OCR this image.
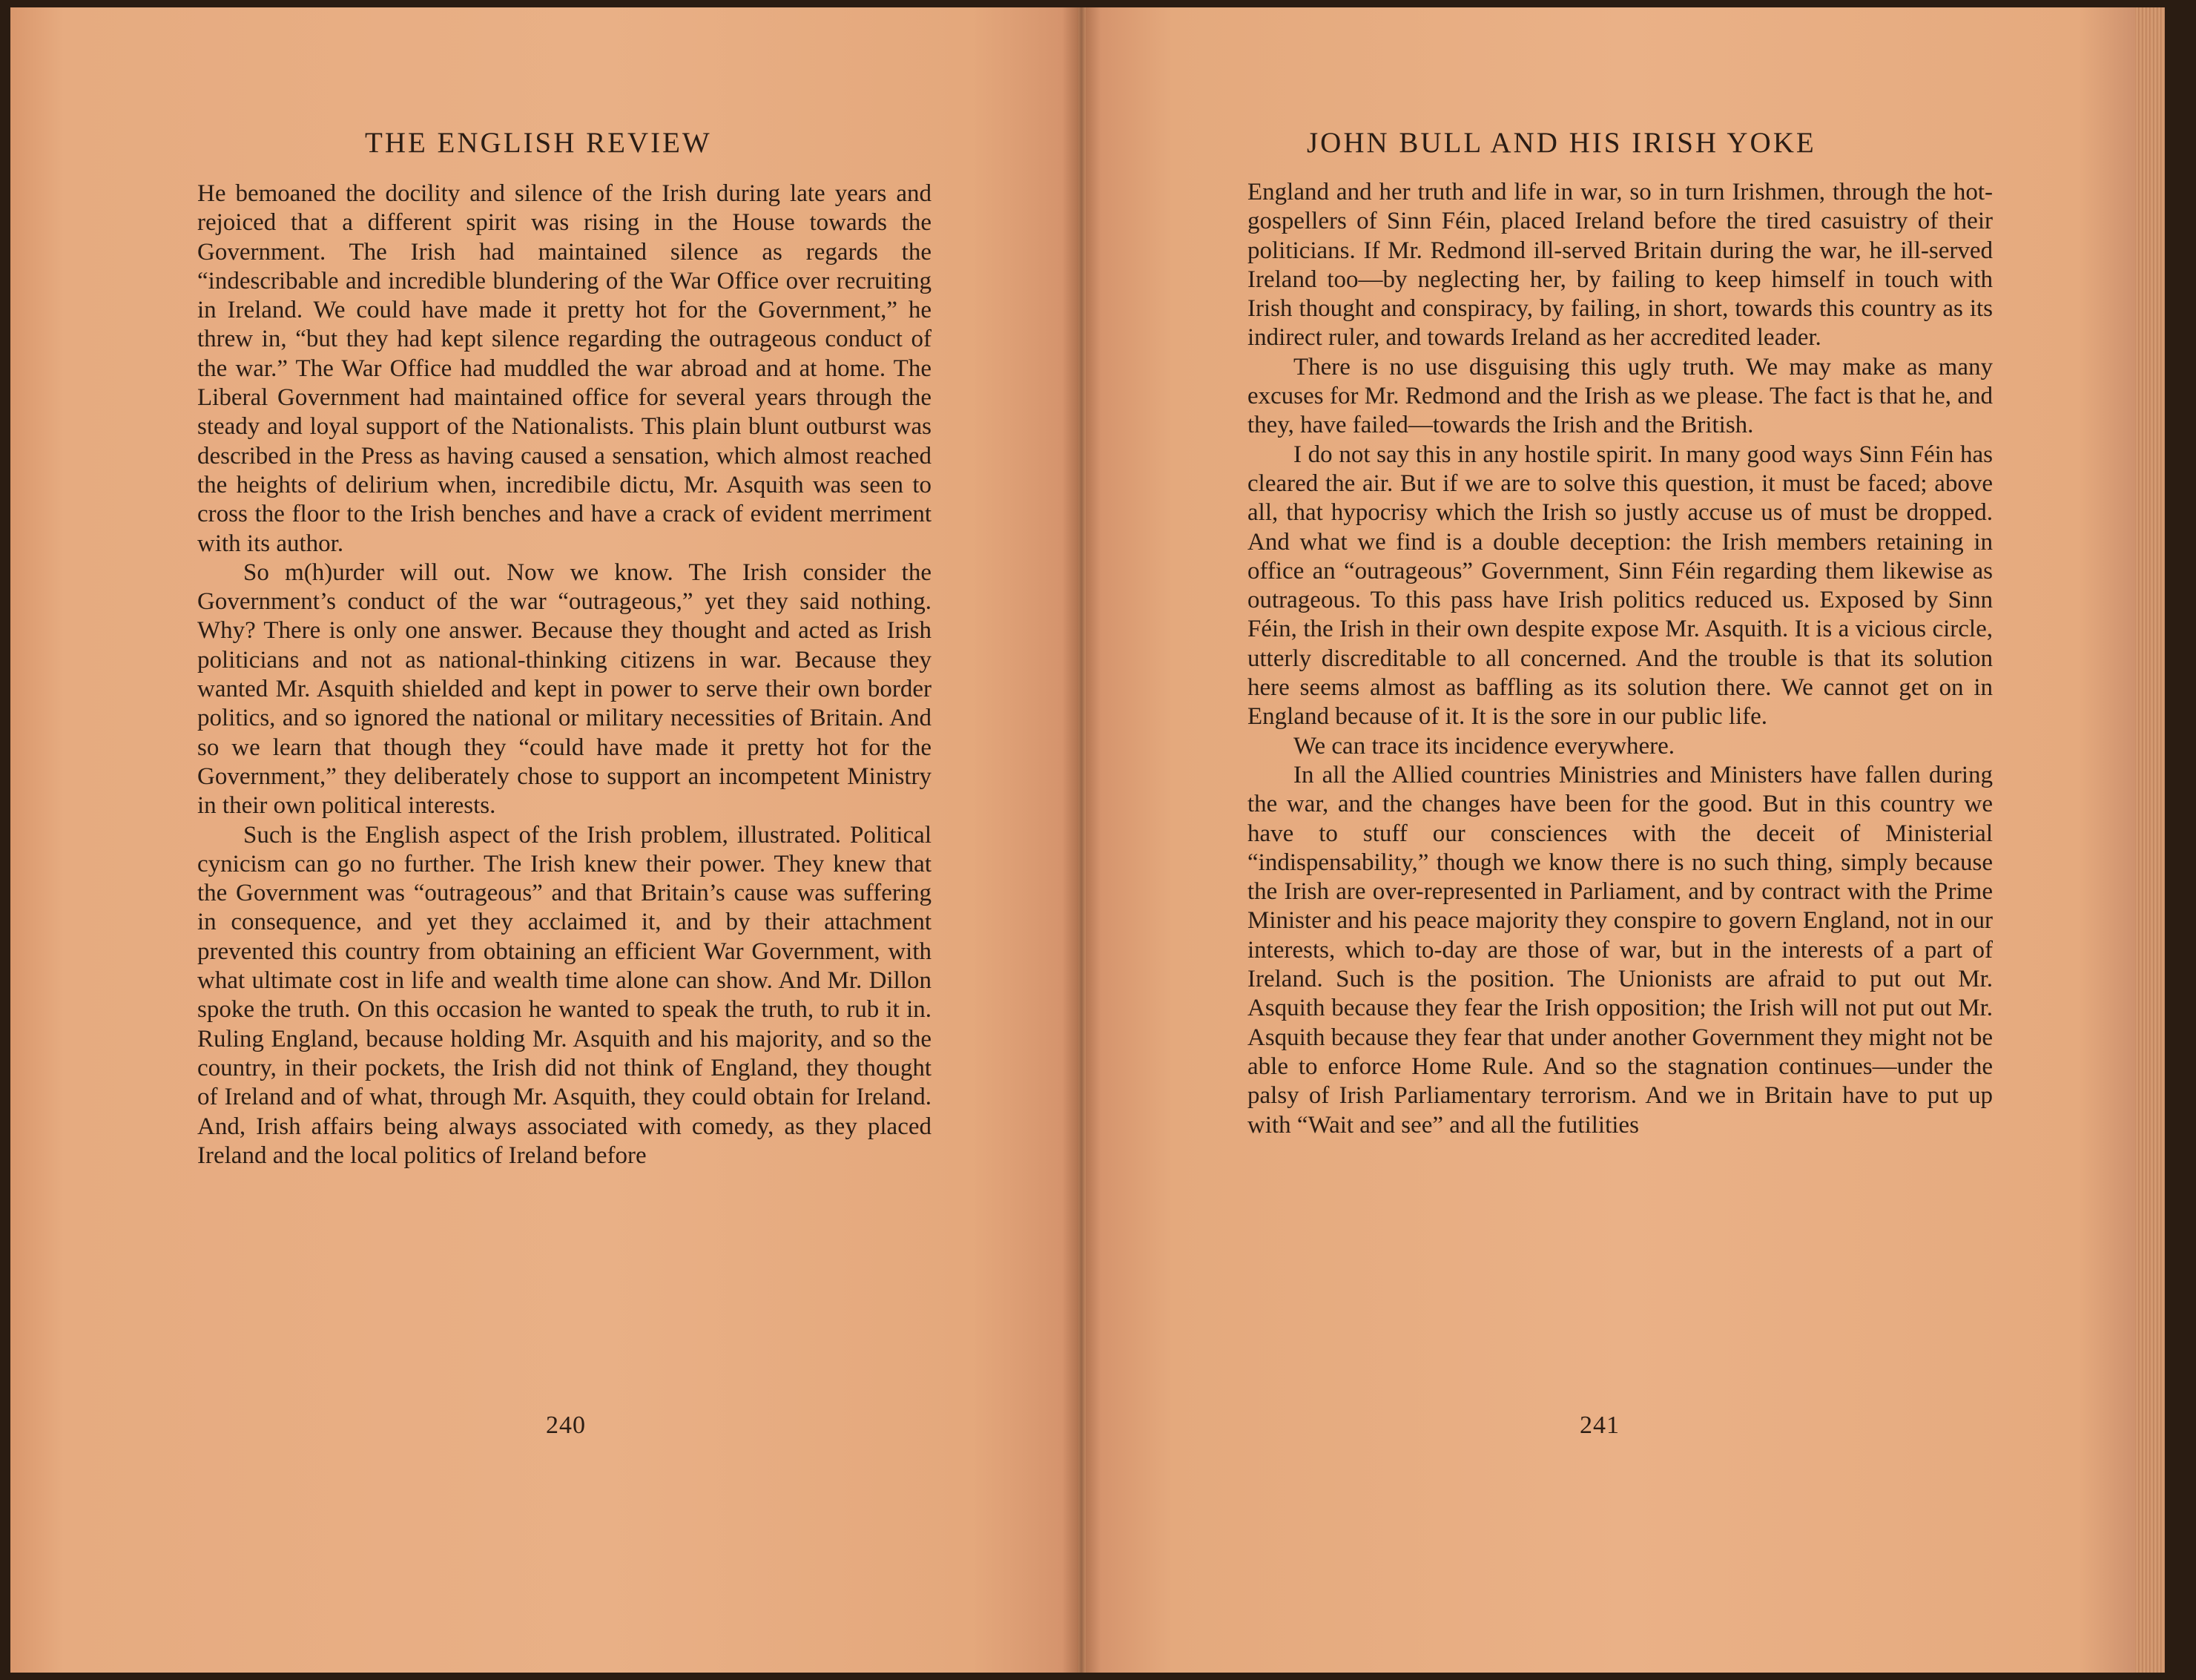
THE ENGLISH REVIEW

He bemoaned the docility and silence of the Irish during late years and rejoiced that a different spirit was rising in the House towards the Government. The Irish had maintained silence as regards the “indescribable and incredible blundering of the War Office over recruiting in Ireland. We could have made it pretty hot for the Government,” he threw in, “but they had kept silence regarding the outrageous conduct of the war.” The War Office had muddled the war abroad and at home. The Liberal Government had maintained office for several years through the steady and loyal support of the Nationalists. This plain blunt outburst was described in the Press as having caused a sensation, which almost reached the heights of delirium when, incredibile dictu, Mr. Asquith was seen to cross the floor to the Irish benches and have a crack of evident merriment with its author.

So m(h)urder will out. Now we know. The Irish consider the Government’s conduct of the war “outrageous,” yet they said nothing. Why? There is only one answer. Because they thought and acted as Irish politicians and not as national-thinking citizens in war. Because they wanted Mr. Asquith shielded and kept in power to serve their own border politics, and so ignored the national or military necessities of Britain. And so we learn that though they “could have made it pretty hot for the Government,” they deliberately chose to support an incompetent Ministry in their own political interests.

Such is the English aspect of the Irish problem, illustrated. Political cynicism can go no further. The Irish knew their power. They knew that the Government was “outrageous” and that Britain’s cause was suffering in consequence, and yet they acclaimed it, and by their attachment prevented this country from obtaining an efficient War Government, with what ultimate cost in life and wealth time alone can show. And Mr. Dillon spoke the truth. On this occasion he wanted to speak the truth, to rub it in. Ruling England, because holding Mr. Asquith and his majority, and so the country, in their pockets, the Irish did not think of England, they thought of Ireland and of what, through Mr. Asquith, they could obtain for Ireland. And, Irish affairs being always associated with comedy, as they placed Ireland and the local politics of Ireland before

240
JOHN BULL AND HIS IRISH YOKE

England and her truth and life in war, so in turn Irishmen, through the hot-gospellers of Sinn Féin, placed Ireland before the tired casuistry of their politicians. If Mr. Redmond ill-served Britain during the war, he ill-served Ireland too—by neglecting her, by failing to keep himself in touch with Irish thought and conspiracy, by failing, in short, towards this country as its indirect ruler, and towards Ireland as her accredited leader.

There is no use disguising this ugly truth. We may make as many excuses for Mr. Redmond and the Irish as we please. The fact is that he, and they, have failed—towards the Irish and the British.

I do not say this in any hostile spirit. In many good ways Sinn Féin has cleared the air. But if we are to solve this question, it must be faced; above all, that hypocrisy which the Irish so justly accuse us of must be dropped. And what we find is a double deception: the Irish members retaining in office an “outrageous” Government, Sinn Féin regarding them likewise as outrageous. To this pass have Irish politics reduced us. Exposed by Sinn Féin, the Irish in their own despite expose Mr. Asquith. It is a vicious circle, utterly discreditable to all concerned. And the trouble is that its solution here seems almost as baffling as its solution there. We cannot get on in England because of it. It is the sore in our public life.

We can trace its incidence everywhere.

In all the Allied countries Ministries and Ministers have fallen during the war, and the changes have been for the good. But in this country we have to stuff our consciences with the deceit of Ministerial “indispensability,” though we know there is no such thing, simply because the Irish are over-represented in Parliament, and by contract with the Prime Minister and his peace majority they conspire to govern England, not in our interests, which to-day are those of war, but in the interests of a part of Ireland. Such is the position. The Unionists are afraid to put out Mr. Asquith because they fear the Irish opposition; the Irish will not put out Mr. Asquith because they fear that under another Government they might not be able to enforce Home Rule. And so the stagnation continues—under the palsy of Irish Parliamentary terrorism. And we in Britain have to put up with “Wait and see” and all the futilities

241
